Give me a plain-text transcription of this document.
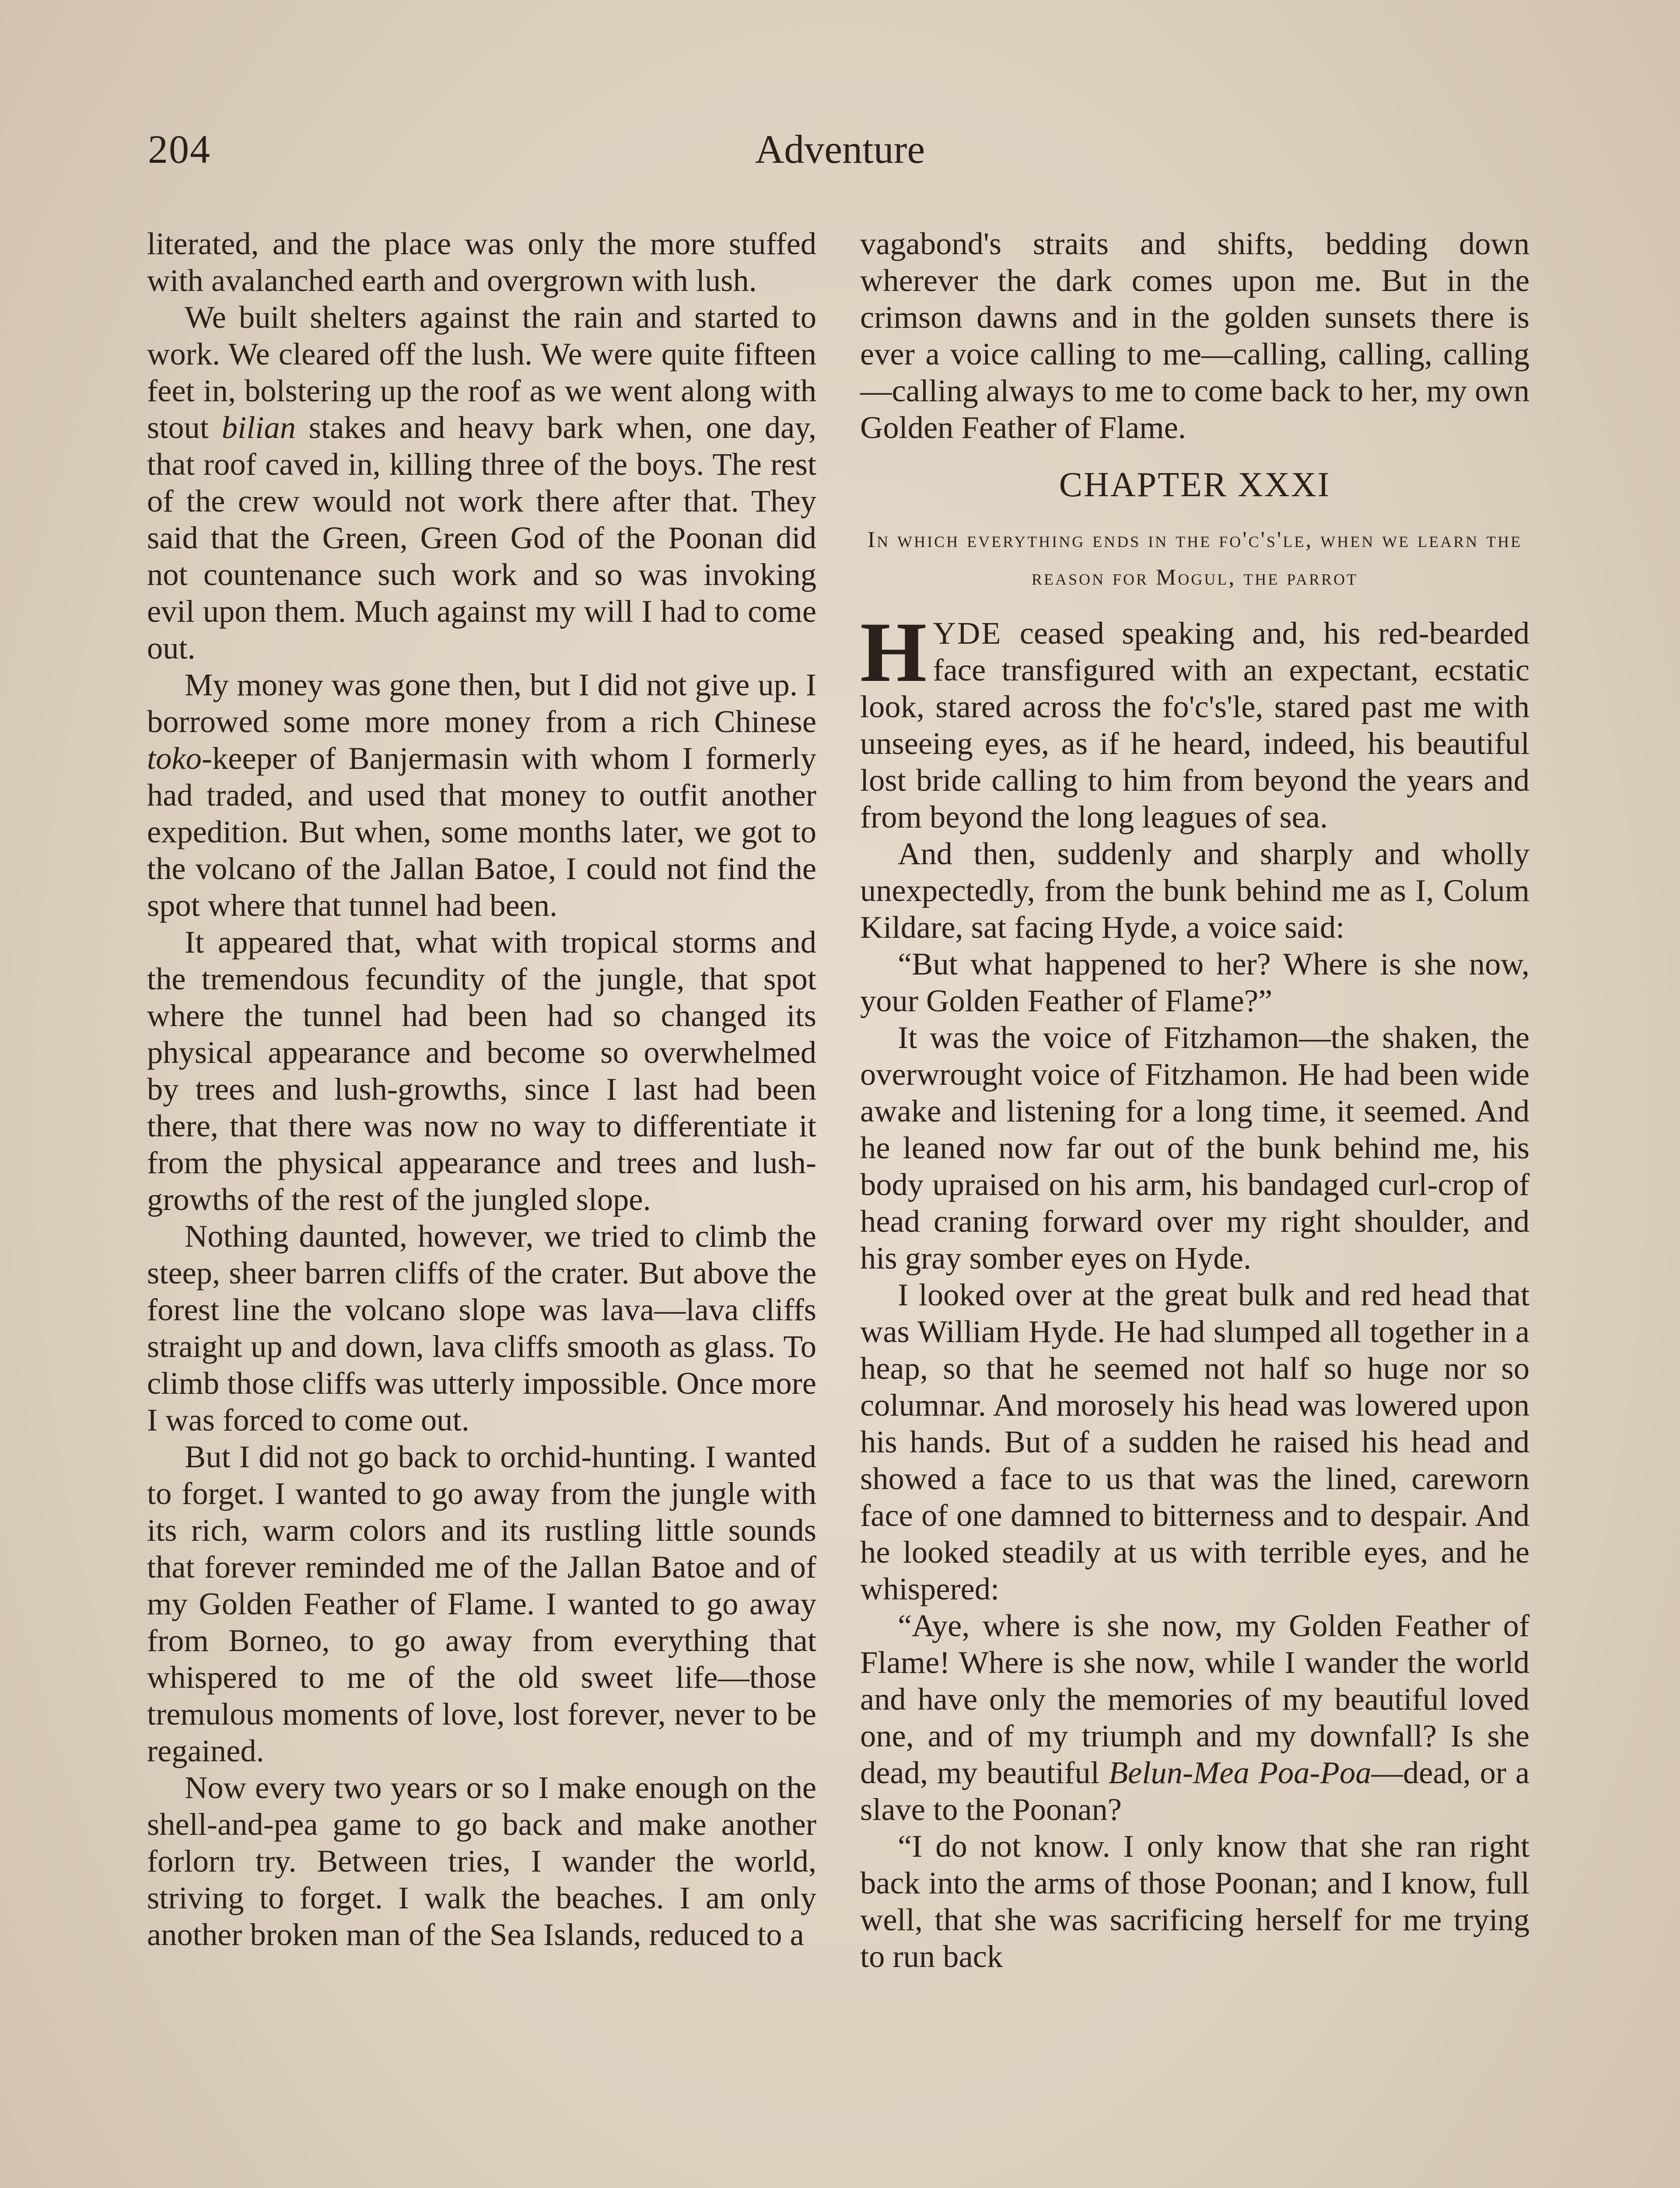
Adventure
204

literated, and the place was only the more stuffed with avalanched earth and overgrown with lush.

We built shelters against the rain and started to work. We cleared off the lush. We were quite fifteen feet in, bolstering up the roof as we went along with stout bilian stakes and heavy bark when, one day, that roof caved in, killing three of the boys. The rest of the crew would not work there after that. They said that the Green, Green God of the Poonan did not countenance such work and so was invoking evil upon them. Much against my will I had to come out.

My money was gone then, but I did not give up. I borrowed some more money from a rich Chinese toko-keeper of Banjermasin with whom I formerly had traded, and used that money to outfit another expedition. But when, some months later, we got to the volcano of the Jallan Batoe, I could not find the spot where that tunnel had been.

It appeared that, what with tropical storms and the tremendous fecundity of the jungle, that spot where the tunnel had been had so changed its physical appearance and become so overwhelmed by trees and lush-growths, since I last had been there, that there was now no way to differentiate it from the physical appearance and trees and lush-growths of the rest of the jungled slope.

Nothing daunted, however, we tried to climb the steep, sheer barren cliffs of the crater. But above the forest line the volcano slope was lava—lava cliffs straight up and down, lava cliffs smooth as glass. To climb those cliffs was utterly impossible. Once more I was forced to come out.

But I did not go back to orchid-hunting. I wanted to forget. I wanted to go away from the jungle with its rich, warm colors and its rustling little sounds that forever reminded me of the Jallan Batoe and of my Golden Feather of Flame. I wanted to go away from Borneo, to go away from everything that whispered to me of the old sweet life—those tremulous moments of love, lost forever, never to be regained.

Now every two years or so I make enough on the shell-and-pea game to go back and make another forlorn try. Between tries, I wander the world, striving to forget. I walk the beaches. I am only another broken man of the Sea Islands, reduced to a

vagabond's straits and shifts, bedding down wherever the dark comes upon me. But in the crimson dawns and in the golden sunsets there is ever a voice calling to me—calling, calling, calling—calling always to me to come back to her, my own Golden Feather of Flame.

CHAPTER XXXI
In which everything ends in the fo'c's'le, when we learn the reason for Mogul, the parrot

HYDE ceased speaking and, his red-bearded face transfigured with an expectant, ecstatic look, stared across the fo'c's'le, stared past me with unseeing eyes, as if he heard, indeed, his beautiful lost bride calling to him from beyond the years and from beyond the long leagues of sea.

And then, suddenly and sharply and wholly unexpectedly, from the bunk behind me as I, Colum Kildare, sat facing Hyde, a voice said:

“But what happened to her? Where is she now, your Golden Feather of Flame?”

It was the voice of Fitzhamon—the shaken, the overwrought voice of Fitzhamon. He had been wide awake and listening for a long time, it seemed. And he leaned now far out of the bunk behind me, his body upraised on his arm, his bandaged curl-crop of head craning forward over my right shoulder, and his gray somber eyes on Hyde.

I looked over at the great bulk and red head that was William Hyde. He had slumped all together in a heap, so that he seemed not half so huge nor so columnar. And morosely his head was lowered upon his hands. But of a sudden he raised his head and showed a face to us that was the lined, careworn face of one damned to bitterness and to despair. And he looked steadily at us with terrible eyes, and he whispered:

“Aye, where is she now, my Golden Feather of Flame! Where is she now, while I wander the world and have only the memories of my beautiful loved one, and of my triumph and my downfall? Is she dead, my beautiful Belun-Mea Poa-Poa—dead, or a slave to the Poonan?

“I do not know. I only know that she ran right back into the arms of those Poonan; and I know, full well, that she was sacrificing herself for me trying to run back
